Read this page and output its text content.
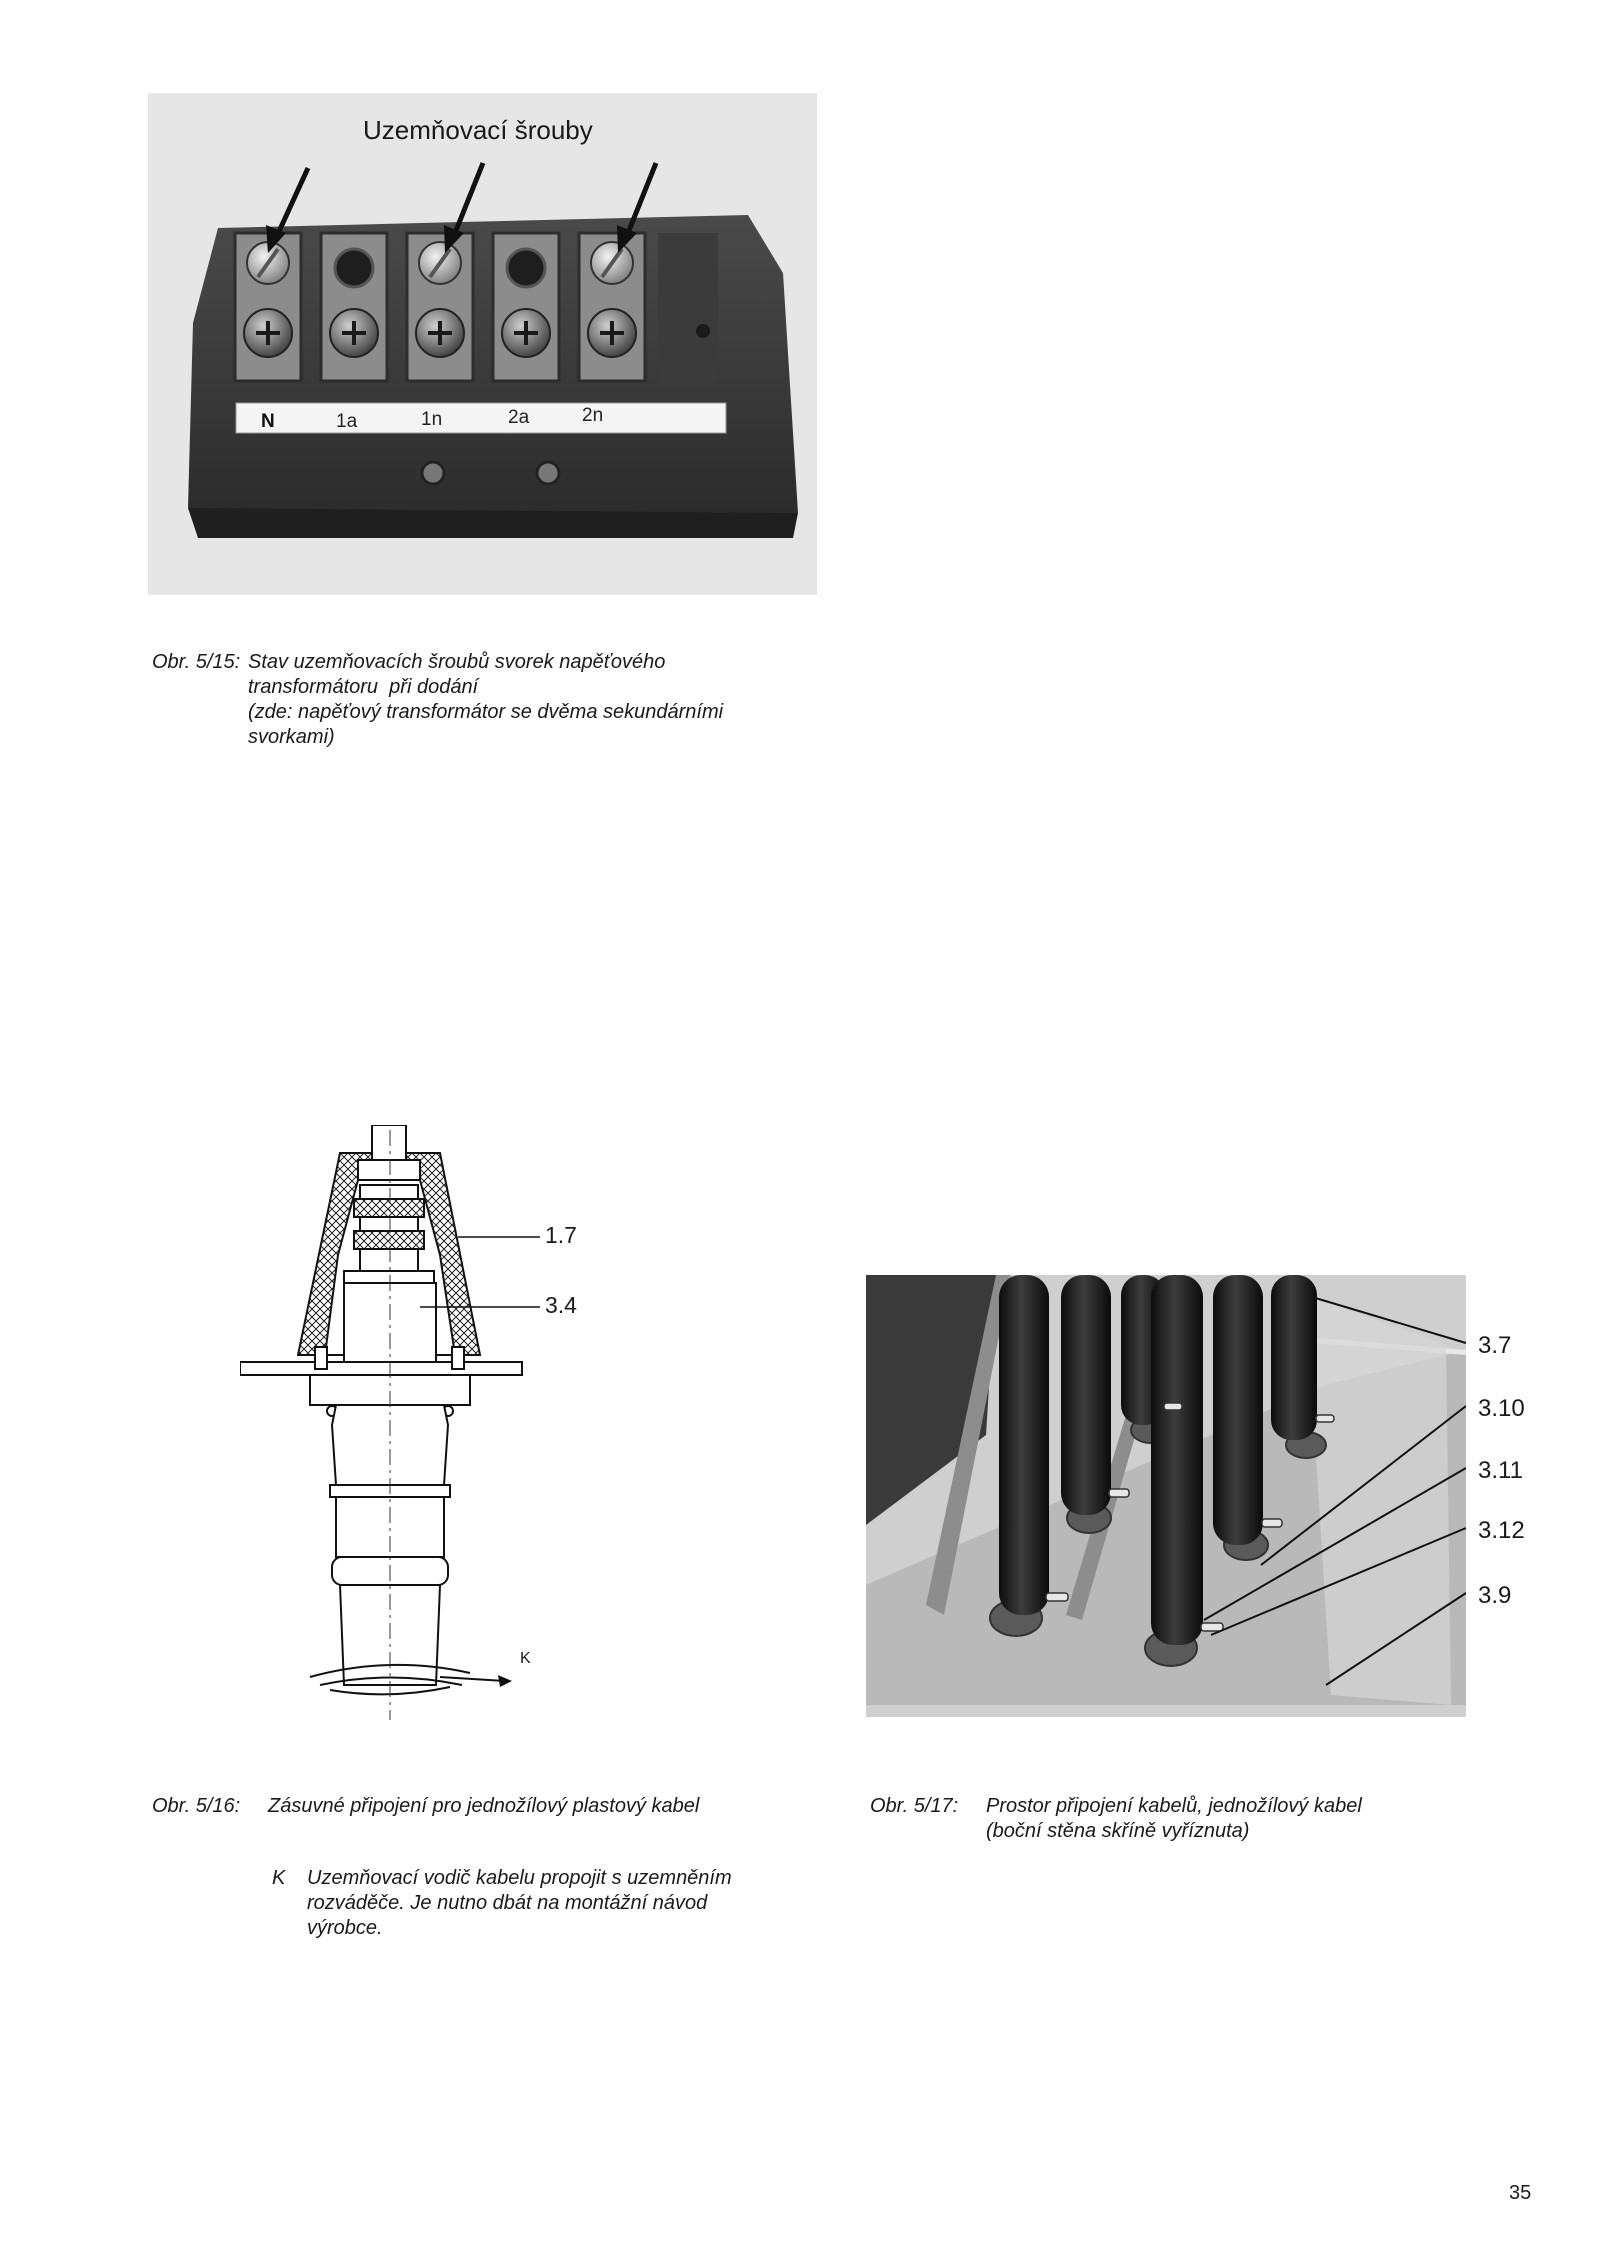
Uzemňovací šrouby
N	1a	1n	2a	2n
Obr. 5/15: Stav uzemňovacích šroubů svorek napěťového
transformátoru  při dodání
(zde: napěťový transformátor se dvěma sekundárními
svorkami)
1.7
3.4
K
Obr. 5/16: Zásuvné připojení pro jednožílový plastový kabel
K Uzemňovací vodič kabelu propojit s uzemněním
rozváděče. Je nutno dbát na montážní návod
výrobce.
3.7
3.10
3.11
3.12
3.9
Obr. 5/17: Prostor připojení kabelů, jednožílový kabel
(boční stěna skříně vyříznuta)
35
